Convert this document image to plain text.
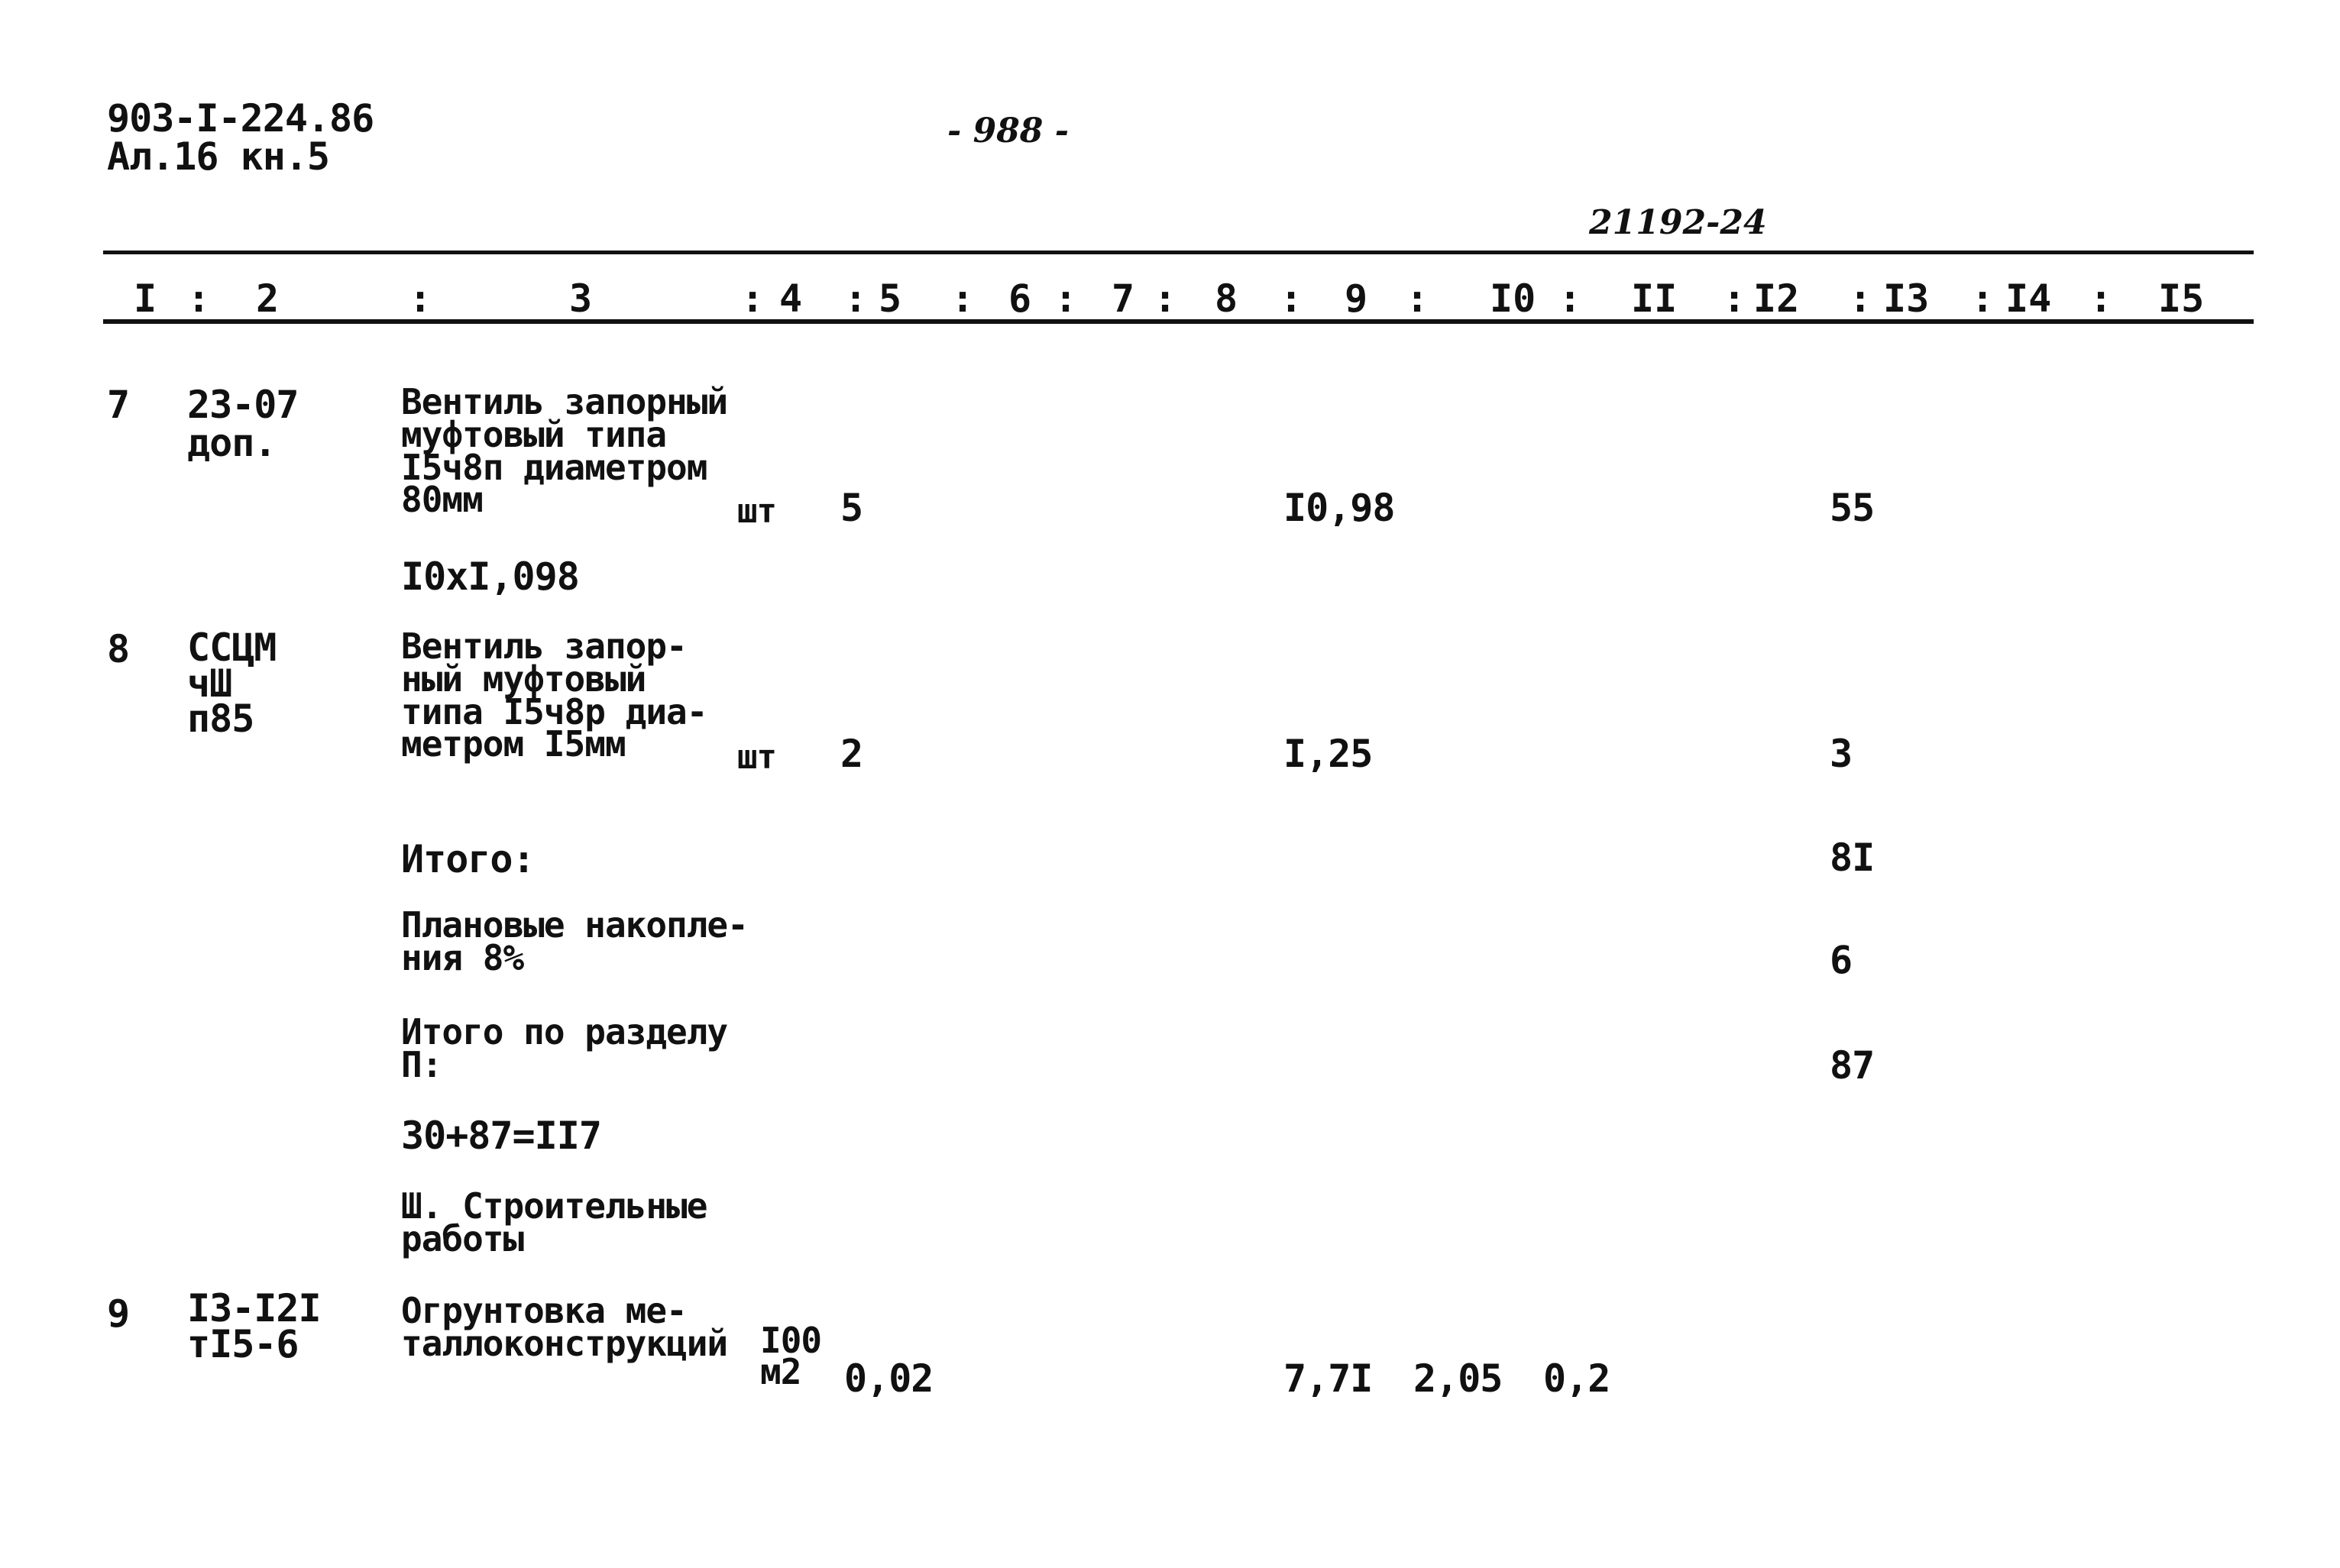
903-I-224.86
Ал.16 кн.5
- 988 -
21192-24
I : 2	:	3	: 4 : 5 : 6 : 7 : 8 : 9 : I0 : II : I2 : I3 : I4 : I5
7 23-07
доп.
Вентиль запорный
муфтовый типа
I5ч8п диаметром
80мм	шт 5	I0,98	55
I0хI,098
8 ССЦМ
чШ
п85
Вентиль запор-
ный муфтовый
типа I5ч8р диа-
метром I5мм	шт 2	I,25	3
Итого:	8I
Плановые накопле-
ния 8%	6
Итого по разделу
П:	87
30+87=II7
Ш. Строительные
работы
9 I3-I2I
тI5-6
Огрунтовка ме-
таллоконструкций I00
м2	0,02	7,7I 2,05 0,2
